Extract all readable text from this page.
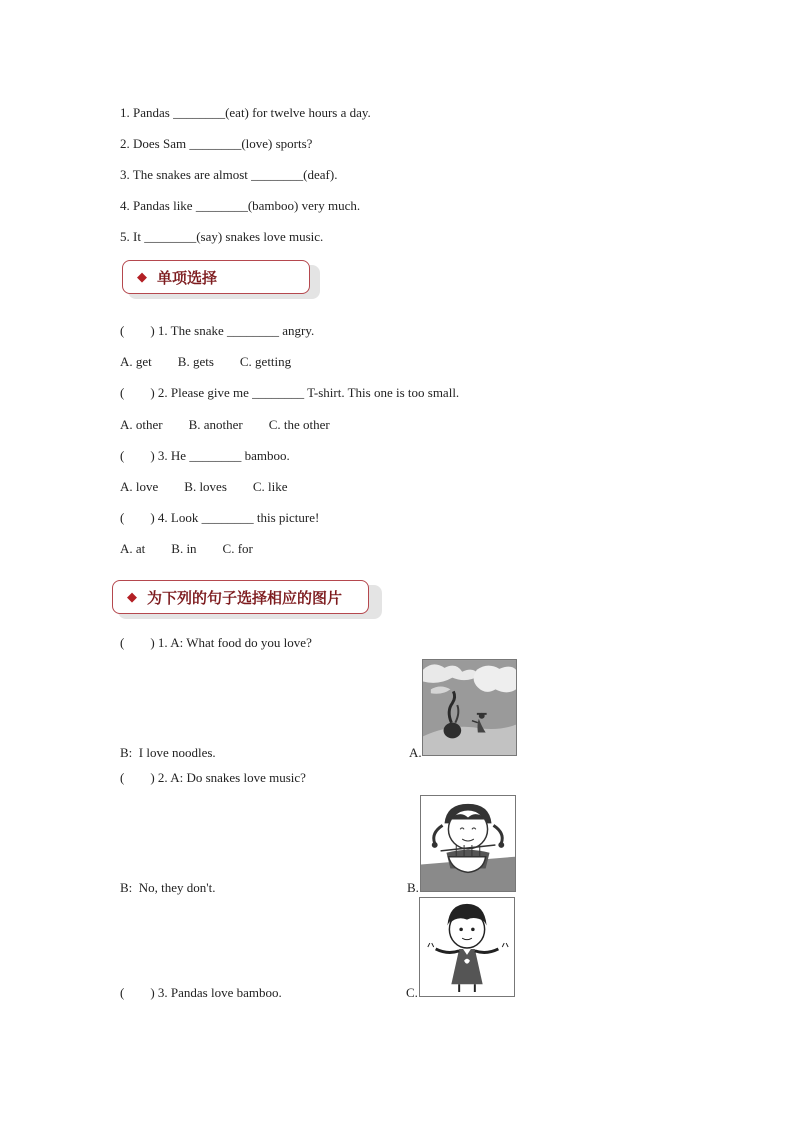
1. Pandas ________(eat) for twelve hours a day.
2. Does Sam ________(love) sports?
3. The snakes are almost ________(deaf).
4. Pandas like ________(bamboo) very much.
5. It ________(say) snakes love music.
◆ 单项选择
(        ) 1. The snake ________ angry.
A. get        B. gets        C. getting
(        ) 2. Please give me ________ T-shirt. This one is too small.
A. other        B. another        C. the other
(        ) 3. He ________ bamboo.
A. love        B. loves        C. like
(        ) 4. Look ________ this picture!
A. at        B. in        C. for
◆ 为下列的句子选择相应的图片
(        ) 1. A: What food do you love?
B:  I love noodles.
(        ) 2. A: Do snakes love music?
B:  No, they don't.
(        ) 3. Pandas love bamboo.
A.
B.
C.
